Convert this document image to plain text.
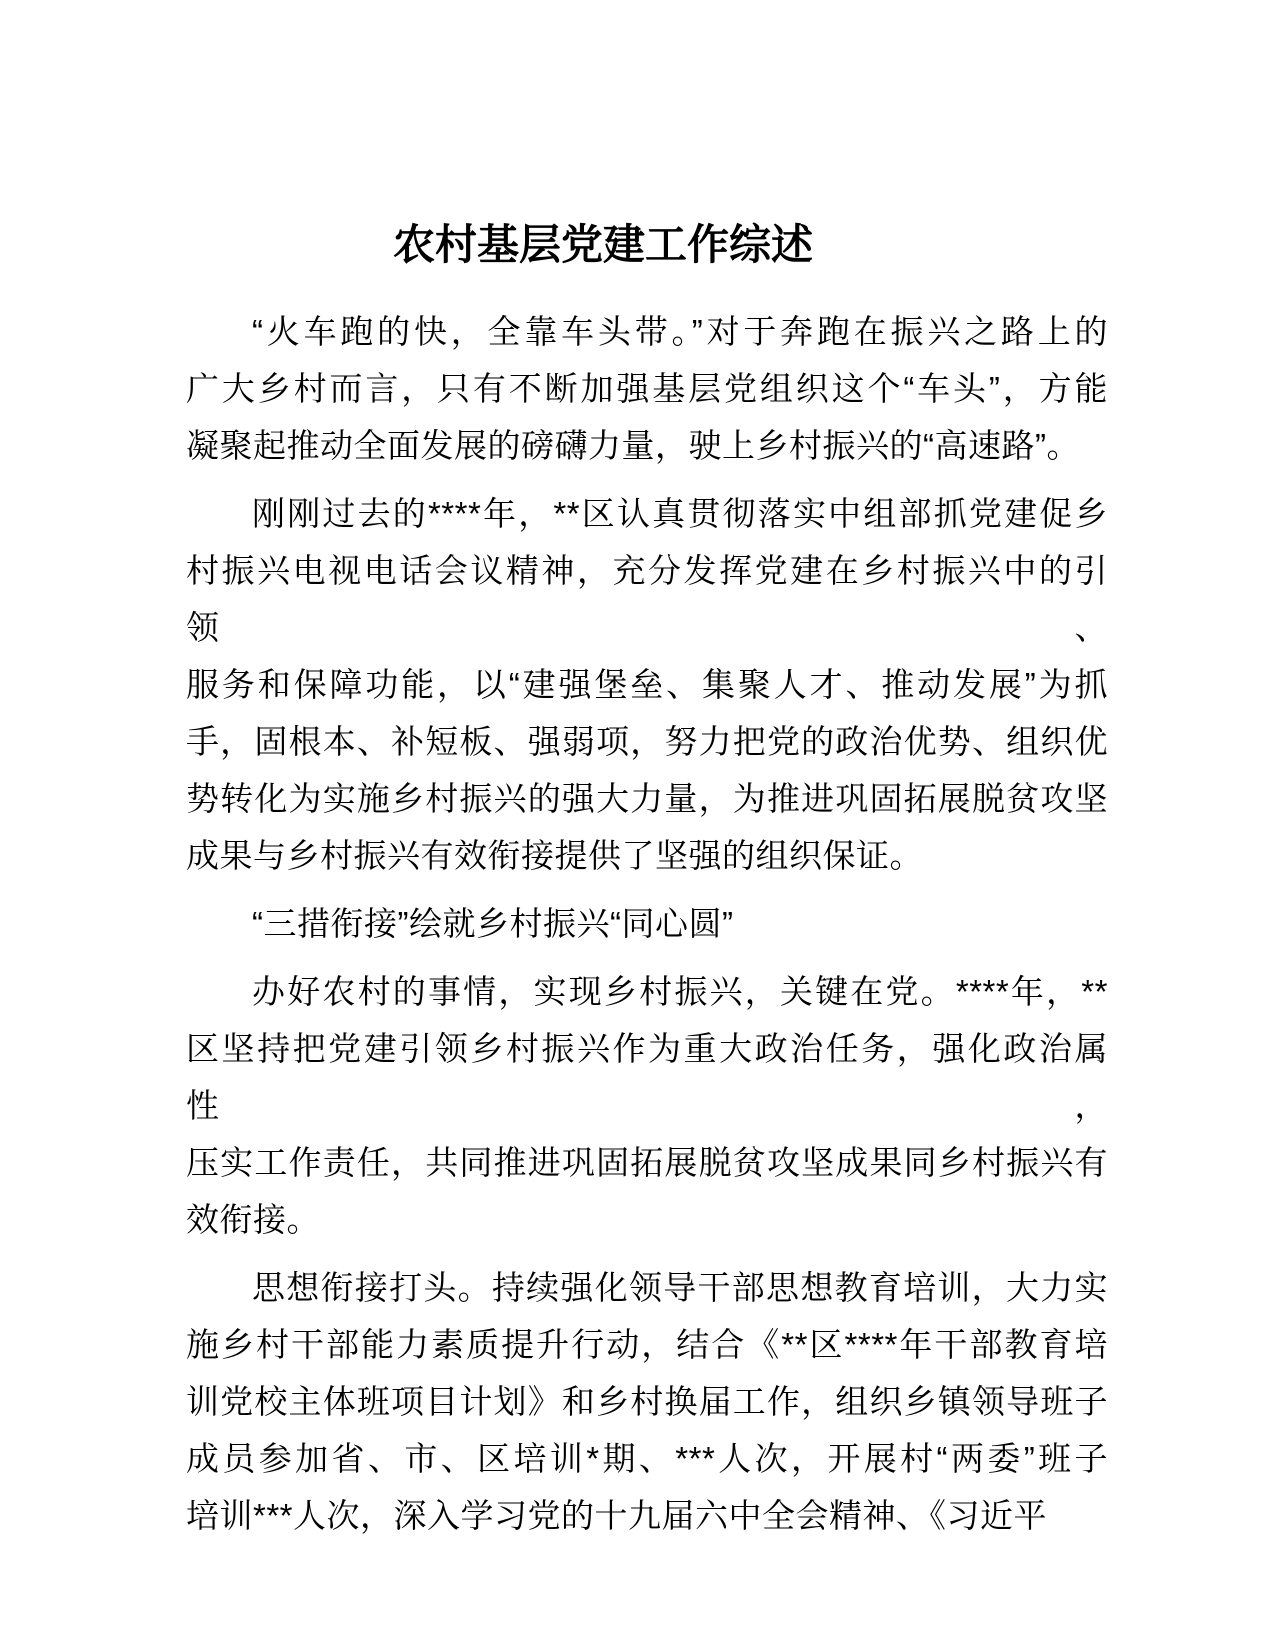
农村基层党建工作综述
“火车跑的快，全靠车头带。”对于奔跑在振兴之路上的
广大乡村而言，只有不断加强基层党组织这个“车头”，方能
凝聚起推动全面发展的磅礴力量，驶上乡村振兴的“高速路”。
刚刚过去的****年，**区认真贯彻落实中组部抓党建促乡
村振兴电视电话会议精神，充分发挥党建在乡村振兴中的引领、
服务和保障功能，以“建强堡垒、集聚人才、推动发展”为抓
手，固根本、补短板、强弱项，努力把党的政治优势、组织优
势转化为实施乡村振兴的强大力量，为推进巩固拓展脱贫攻坚
成果与乡村振兴有效衔接提供了坚强的组织保证。
“三措衔接”绘就乡村振兴“同心圆”
办好农村的事情，实现乡村振兴，关键在党。****年，**
区坚持把党建引领乡村振兴作为重大政治任务，强化政治属性，
压实工作责任，共同推进巩固拓展脱贫攻坚成果同乡村振兴有
效衔接。
思想衔接打头。持续强化领导干部思想教育培训，大力实
施乡村干部能力素质提升行动，结合《**区****年干部教育培
训党校主体班项目计划》和乡村换届工作，组织乡镇领导班子
成员参加省、市、区培训*期、***人次，开展村“两委”班子
培训***人次，深入学习党的十九届六中全会精神、《习近平
